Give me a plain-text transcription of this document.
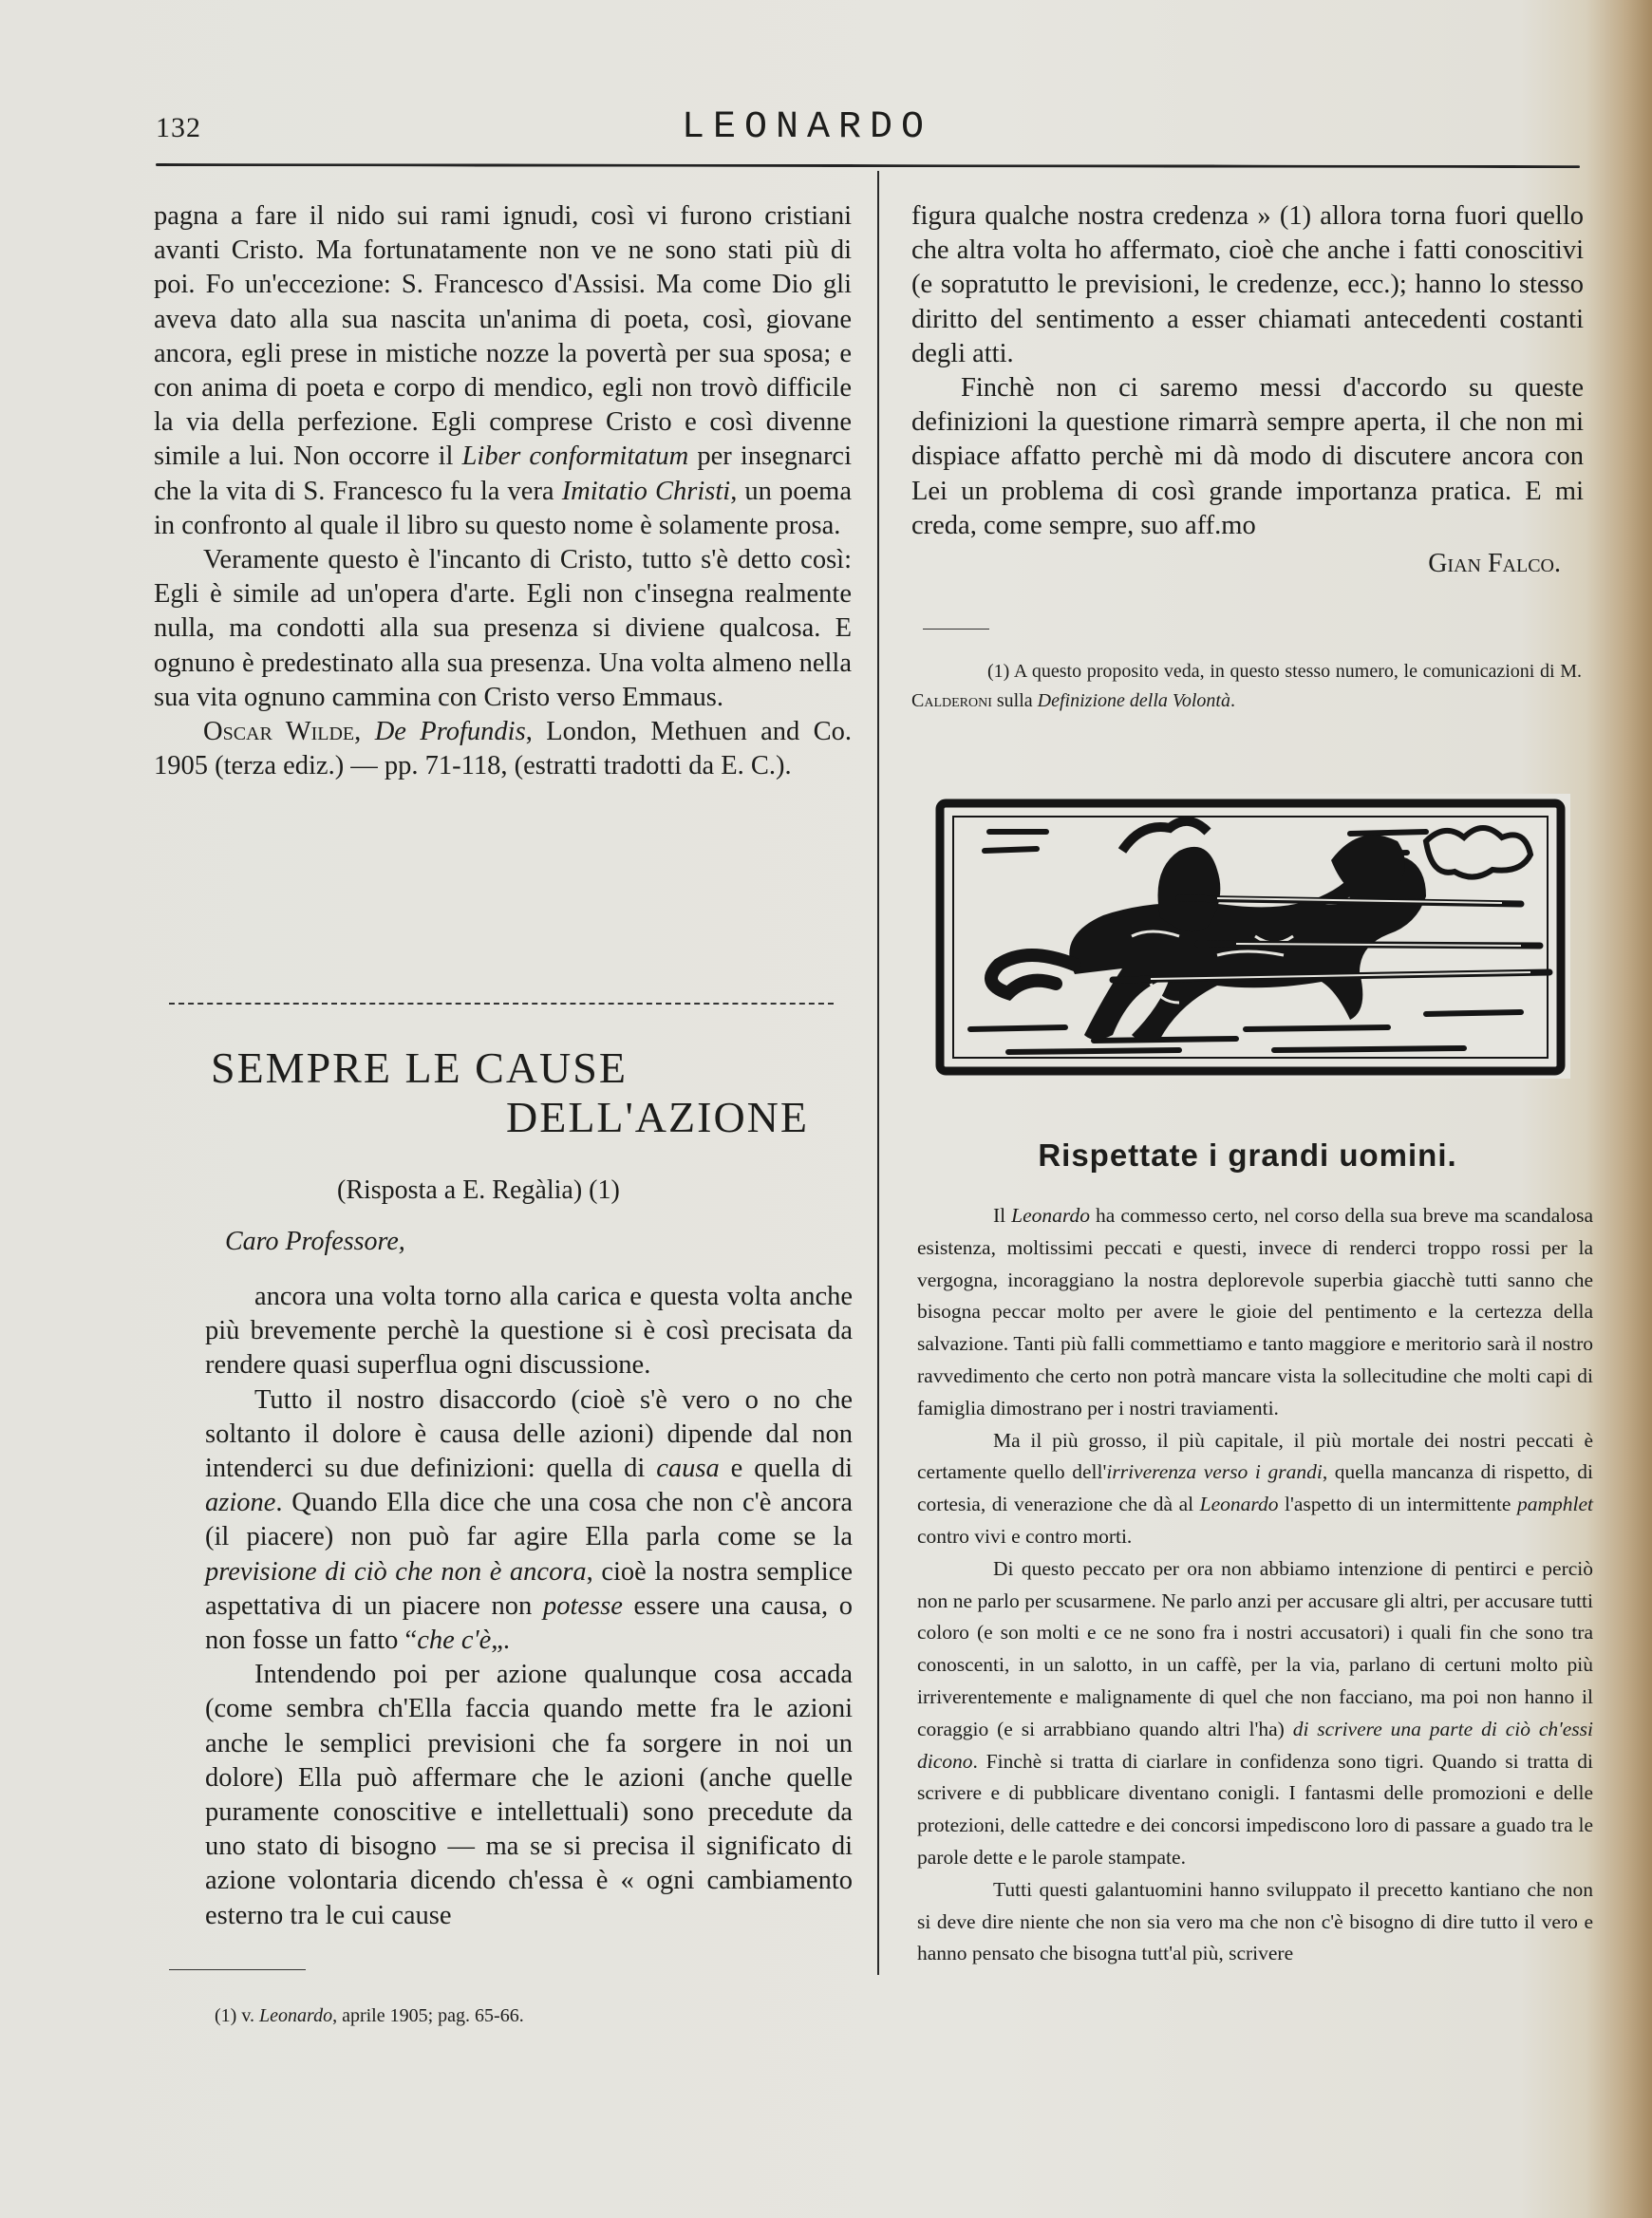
132	LEONARDO

pagna a fare il nido sui rami ignudi, così vi furono cristiani avanti Cristo. Ma fortunatamente non ve ne sono stati più di poi. Fo un'eccezione: S. Francesco d'Assisi. Ma come Dio gli aveva dato alla sua nascita un'anima di poeta, così, giovane ancora, egli prese in mistiche nozze la povertà per sua sposa; e con anima di poeta e corpo di mendico, egli non trovò difficile la via della perfezione. Egli comprese Cristo e così divenne simile a lui. Non occorre il Liber conformitatum per insegnarci che la vita di S. Francesco fu la vera Imitatio Christi, un poema in confronto al quale il libro su questo nome è solamente prosa.

Veramente questo è l'incanto di Cristo, tutto s'è detto così: Egli è simile ad un'opera d'arte. Egli non c'insegna realmente nulla, ma condotti alla sua presenza si diviene qualcosa. E ognuno è predestinato alla sua presenza. Una volta almeno nella sua vita ognuno cammina con Cristo verso Emmaus.

Oscar Wilde, De Profundis, London, Methuen and Co. 1905 (terza ediz.) — pp. 71-118, (estratti tradotti da E. C.).

SEMPRE LE CAUSE
DELL'AZIONE
(Risposta a E. Regàlia) (1)
Caro Professore,

ancora una volta torno alla carica e questa volta anche più brevemente perchè la questione si è così precisata da rendere quasi superflua ogni discussione.

Tutto il nostro disaccordo (cioè s'è vero o no che soltanto il dolore è causa delle azioni) dipende dal non intenderci su due definizioni: quella di causa e quella di azione. Quando Ella dice che una cosa che non c'è ancora (il piacere) non può far agire Ella parla come se la previsione di ciò che non è ancora, cioè la nostra semplice aspettativa di un piacere non potesse essere una causa, o non fosse un fatto “che c'è„.

Intendendo poi per azione qualunque cosa accada (come sembra ch'Ella faccia quando mette fra le azioni anche le semplici previsioni che fa sorgere in noi un dolore) Ella può affermare che le azioni (anche quelle puramente conoscitive e intellettuali) sono precedute da uno stato di bisogno — ma se si precisa il significato di azione volontaria dicendo ch'essa è « ogni cambiamento esterno tra le cui cause

(1) v. Leonardo, aprile 1905; pag. 65-66.

figura qualche nostra credenza » (1) allora torna fuori quello che altra volta ho affermato, cioè che anche i fatti conoscitivi (e sopratutto le previsioni, le credenze, ecc.); hanno lo stesso diritto del sentimento a esser chiamati antecedenti costanti degli atti.

Finchè non ci saremo messi d'accordo su queste definizioni la questione rimarrà sempre aperta, il che non mi dispiace affatto perchè mi dà modo di discutere ancora con Lei un problema di così grande importanza pratica. E mi creda, come sempre, suo aff.mo

Gian Falco.

(1) A questo proposito veda, in questo stesso numero, le comunicazioni di M. Calderoni sulla Definizione della Volontà.

Rispettate i grandi uomini.

Il Leonardo ha commesso certo, nel corso della sua breve ma scandalosa esistenza, moltissimi peccati e questi, invece di renderci troppo rossi per la vergogna, incoraggiano la nostra deplorevole superbia giacchè tutti sanno che bisogna peccar molto per avere le gioie del pentimento e la certezza della salvazione. Tanti più falli commettiamo e tanto maggiore e meritorio sarà il nostro ravvedimento che certo non potrà mancare vista la sollecitudine che molti capi di famiglia dimostrano per i nostri traviamenti.

Ma il più grosso, il più capitale, il più mortale dei nostri peccati è certamente quello dell'irriverenza verso i grandi, quella mancanza di rispetto, di cortesia, di venerazione che dà al Leonardo l'aspetto di un intermittente pamphlet contro vivi e contro morti.

Di questo peccato per ora non abbiamo intenzione di pentirci e perciò non ne parlo per scusarmene. Ne parlo anzi per accusare gli altri, per accusare tutti coloro (e son molti e ce ne sono fra i nostri accusatori) i quali fin che sono tra conoscenti, in un salotto, in un caffè, per la via, parlano di certuni molto più irriverentemente e malignamente di quel che non facciano, ma poi non hanno il coraggio (e si arrabbiano quando altri l'ha) di scrivere una parte di ciò ch'essi dicono. Finchè si tratta di ciarlare in confidenza sono tigri. Quando si tratta di scrivere e di pubblicare diventano conigli. I fantasmi delle promozioni e delle protezioni, delle cattedre e dei concorsi impediscono loro di passare a guado tra le parole dette e le parole stampate.

Tutti questi galantuomini hanno sviluppato il precetto kantiano che non si deve dire niente che non sia vero ma che non c'è bisogno di dire tutto il vero e hanno pensato che bisogna tutt'al più, scrivere
